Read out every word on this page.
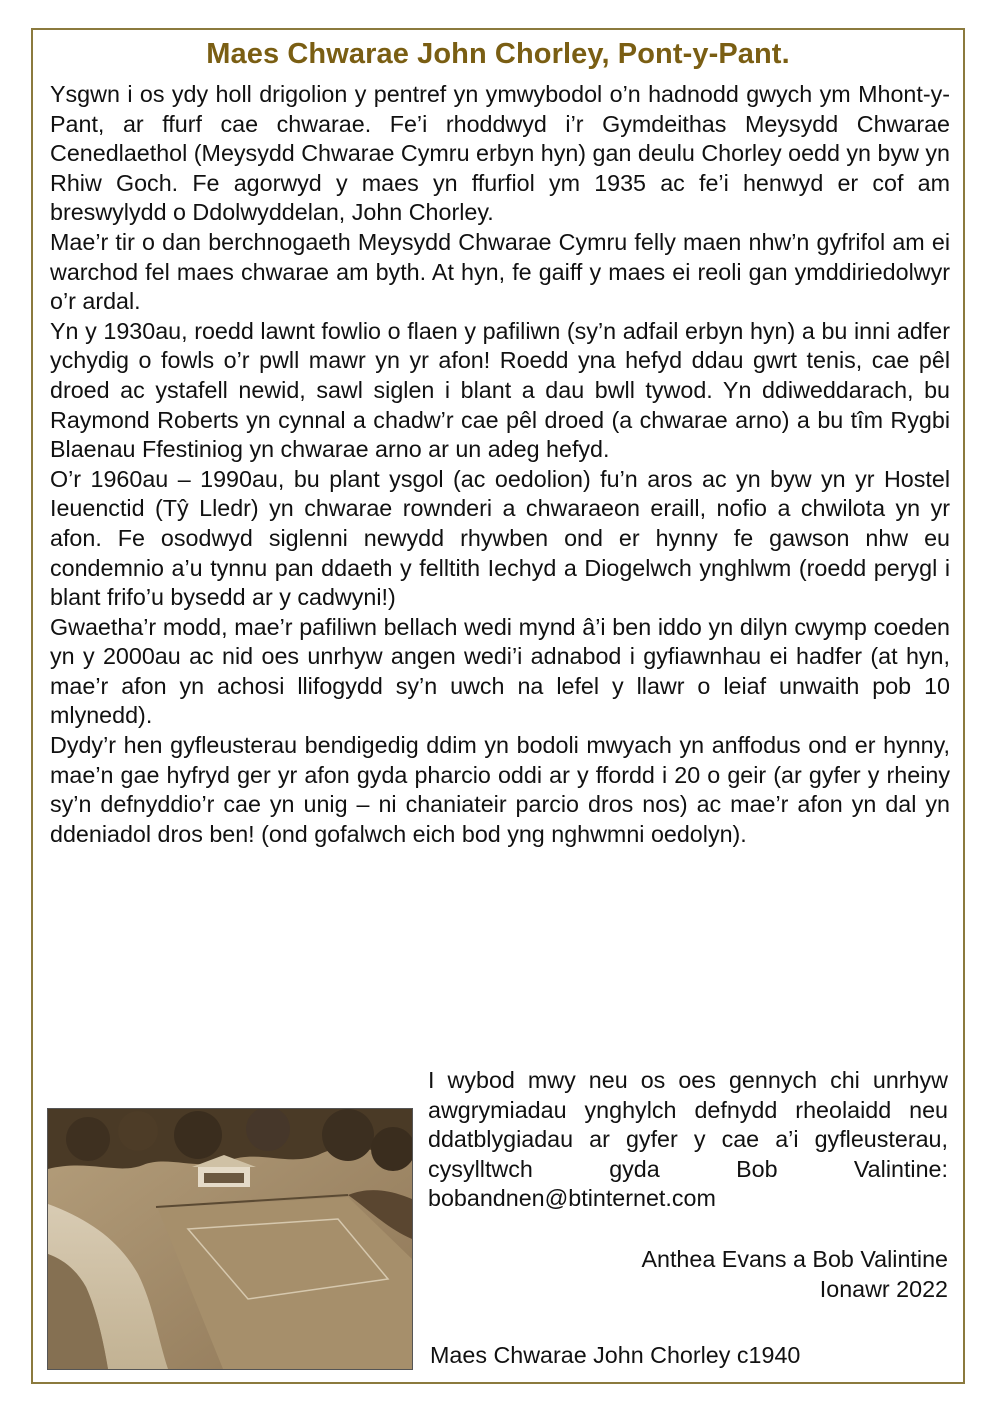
Maes Chwarae John Chorley, Pont-y-Pant.

Ysgwn i os ydy holl drigolion y pentref yn ymwybodol o’n hadnodd gwych ym Mhont-y-Pant, ar ffurf cae chwarae. Fe’i rhoddwyd i’r Gymdeithas Meysydd Chwarae Cenedlaethol (Meysydd Chwarae Cymru erbyn hyn) gan deulu Chorley oedd yn byw yn Rhiw Goch. Fe agorwyd y maes yn ffurfiol ym 1935 ac fe’i henwyd er cof am breswylydd o Ddolwyddelan, John Chorley.

Mae’r tir o dan berchnogaeth Meysydd Chwarae Cymru felly maen nhw’n gyfrifol am ei warchod fel maes chwarae am byth. At hyn, fe gaiff y maes ei reoli gan ymddiriedolwyr o’r ardal.

Yn y 1930au, roedd lawnt fowlio o flaen y pafiliwn (sy’n adfail erbyn hyn) a bu inni adfer ychydig o fowls o’r pwll mawr yn yr afon! Roedd yna hefyd ddau gwrt tenis, cae pêl droed ac ystafell newid, sawl siglen i blant a dau bwll tywod. Yn ddiweddarach, bu Raymond Roberts yn cynnal a chadw’r cae pêl droed (a chwarae arno) a bu tîm Rygbi Blaenau Ffestiniog yn chwarae arno ar un adeg hefyd.

O’r 1960au – 1990au, bu plant ysgol (ac oedolion) fu’n aros ac yn byw yn yr Hostel Ieuenctid (Tŷ Lledr) yn chwarae rownderi a chwaraeon eraill, nofio a chwilota yn yr afon. Fe osodwyd siglenni newydd rhywben ond er hynny fe gawson nhw eu condemnio a’u tynnu pan ddaeth y felltith Iechyd a Diogelwch ynghlwm (roedd perygl i blant frifo’u bysedd ar y cadwyni!)

Gwaetha’r modd, mae’r pafiliwn bellach wedi mynd â’i ben iddo yn dilyn cwymp coeden yn y 2000au ac nid oes unrhyw angen wedi’i adnabod i gyfiawnhau ei hadfer (at hyn, mae’r afon yn achosi llifogydd sy’n uwch na lefel y llawr o leiaf unwaith pob 10 mlynedd).

Dydy’r hen gyfleusterau bendigedig ddim yn bodoli mwyach yn anffodus ond er hynny, mae’n gae hyfryd ger yr afon gyda pharcio oddi ar y ffordd i 20 o geir (ar gyfer y rheiny sy’n defnyddio’r cae yn unig – ni chaniateir parcio dros nos) ac mae’r afon yn dal yn ddeniadol dros ben! (ond gofalwch eich bod yng nghwmni oedolyn).

I wybod mwy neu os oes gennych chi unrhyw awgrymiadau ynghylch defnydd rheolaidd neu ddatblygiadau ar gyfer y cae a’i gyfleusterau, cysylltwch gyda Bob Valintine: bobandnen@btinternet.com
Anthea Evans a Bob Valintine
Ionawr 2022
Maes Chwarae John Chorley c1940
